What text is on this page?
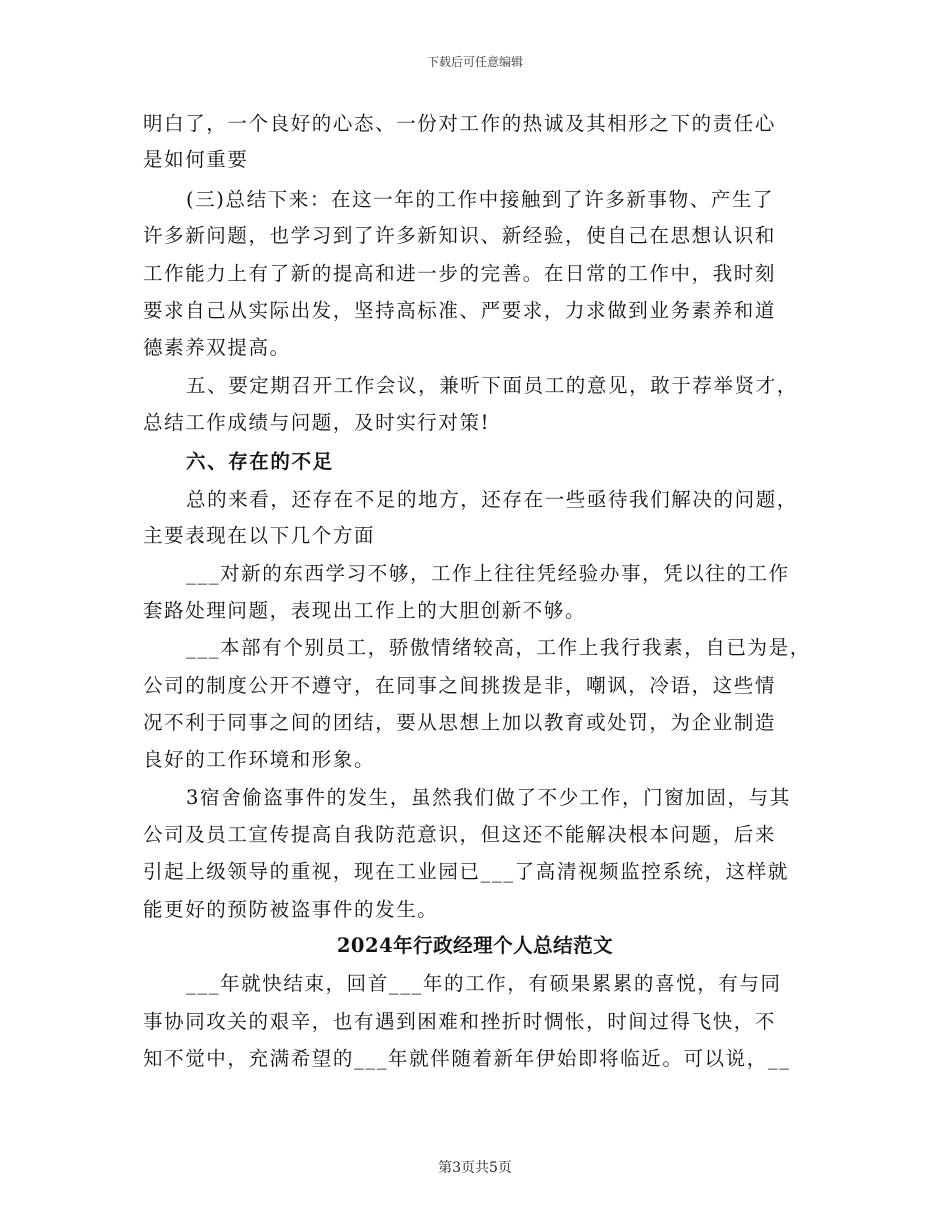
下载后可任意编辑
明白了，一个良好的心态、一份对工作的热诚及其相形之下的责任心
是如何重要
(三)总结下来：在这一年的工作中接触到了许多新事物、产生了
许多新问题，也学习到了许多新知识、新经验，使自己在思想认识和
工作能力上有了新的提高和进一步的完善。在日常的工作中，我时刻
要求自己从实际出发，坚持高标准、严要求，力求做到业务素养和道
德素养双提高。
五、要定期召开工作会议，兼听下面员工的意见，敢于荐举贤才，
总结工作成绩与问题，及时实行对策!
六、存在的不足
总的来看，还存在不足的地方，还存在一些亟待我们解决的问题，
主要表现在以下几个方面
___对新的东西学习不够，工作上往往凭经验办事，凭以往的工作
套路处理问题，表现出工作上的大胆创新不够。
___本部有个别员工，骄傲情绪较高，工作上我行我素，自已为是，
公司的制度公开不遵守，在同事之间挑拨是非，嘲讽，冷语，这些情
况不利于同事之间的团结，要从思想上加以教育或处罚，为企业制造
良好的工作环境和形象。
3宿舍偷盗事件的发生，虽然我们做了不少工作，门窗加固，与其
公司及员工宣传提高自我防范意识，但这还不能解决根本问题，后来
引起上级领导的重视，现在工业园已___了高清视频监控系统，这样就
能更好的预防被盗事件的发生。
2024年行政经理个人总结范文
___年就快结束，回首___年的工作，有硕果累累的喜悦，有与同
事协同攻关的艰辛，也有遇到困难和挫折时惆怅，时间过得飞快，不
知不觉中，充满希望的___年就伴随着新年伊始即将临近。可以说，__
第3页共5页
